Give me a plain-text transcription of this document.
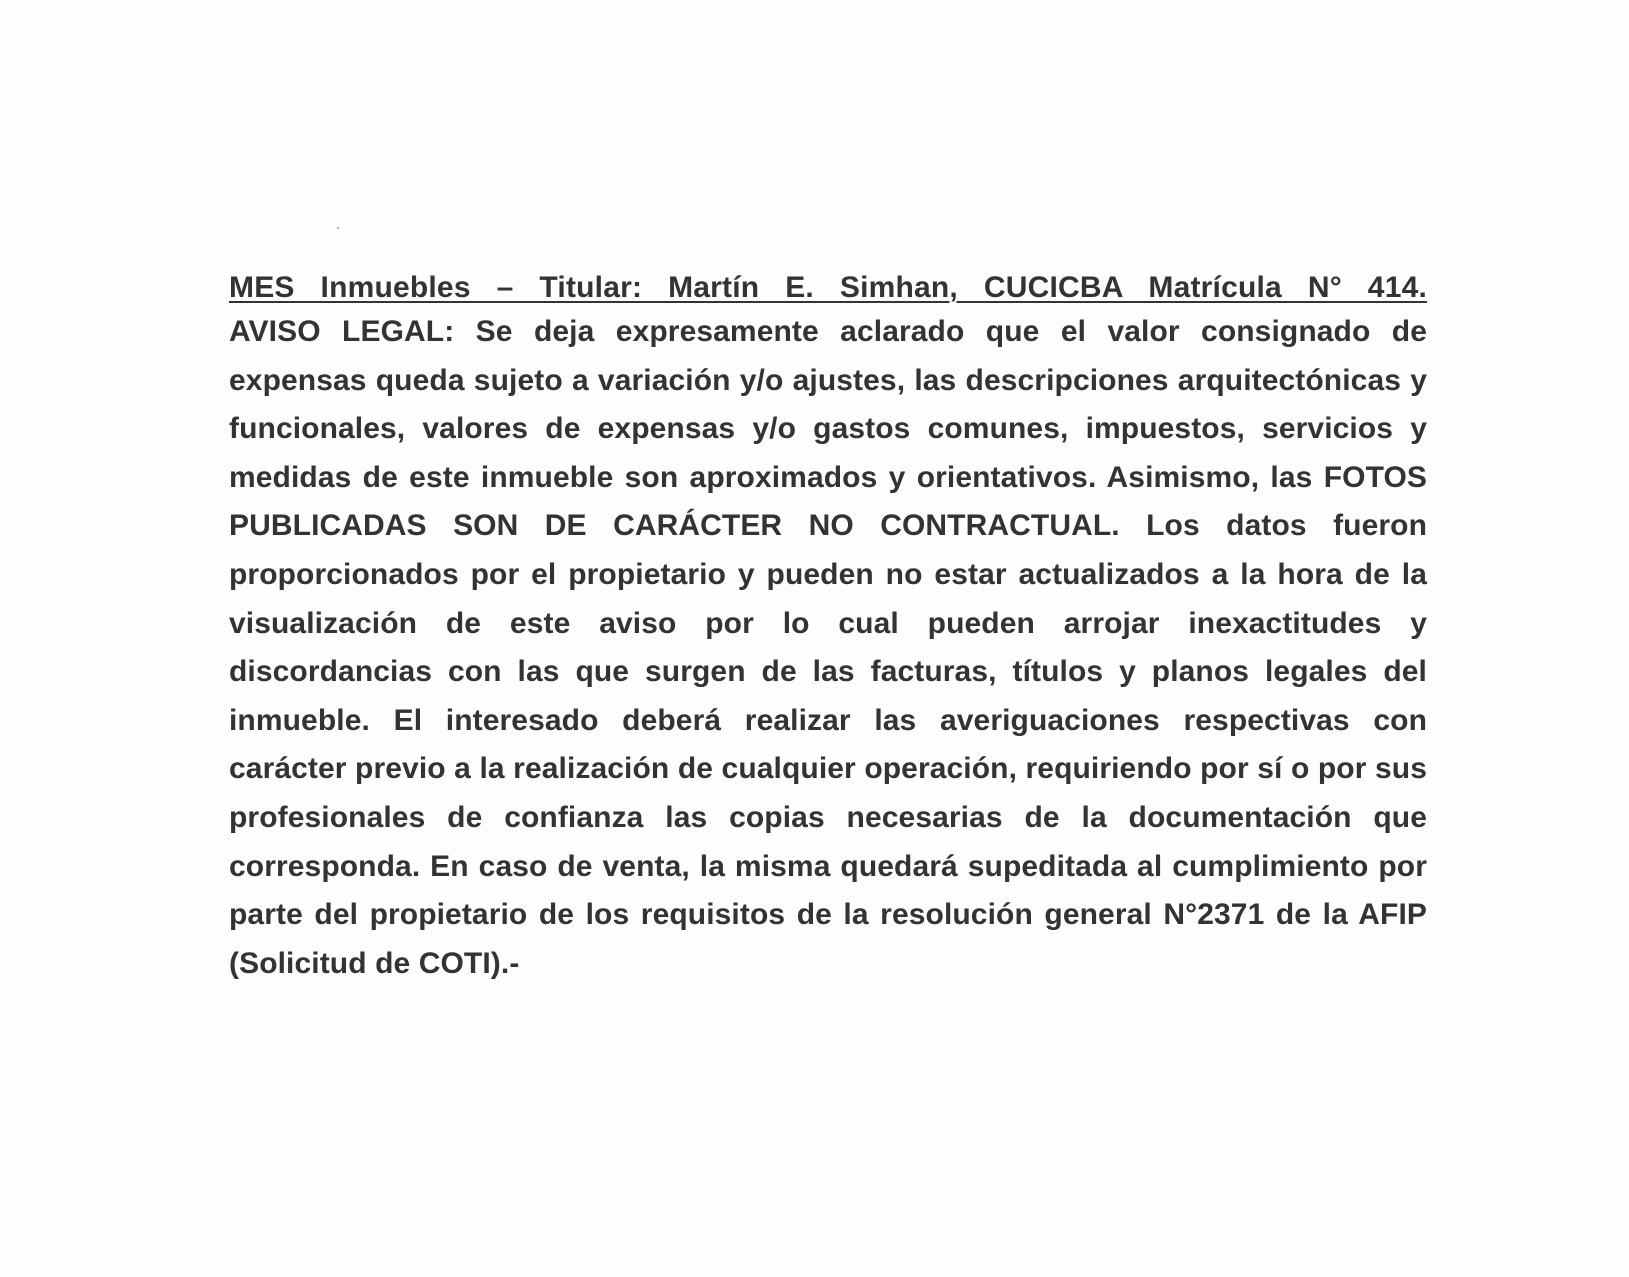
MES Inmuebles – Titular: Martín E. Simhan, CUCICBA Matrícula N° 414.

AVISO LEGAL: Se deja expresamente aclarado que el valor consignado de expensas queda sujeto a variación y/o ajustes, las descripciones arquitectónicas y funcionales, valores de expensas y/o gastos comunes, impuestos, servicios y medidas de este inmueble son aproximados y orientativos. Asimismo, las FOTOS PUBLICADAS SON DE CARÁCTER NO CONTRACTUAL. Los datos fueron proporcionados por el propietario y pueden no estar actualizados a la hora de la visualización de este aviso por lo cual pueden arrojar inexactitudes y discordancias con las que surgen de las facturas, títulos y planos legales del inmueble. El interesado deberá realizar las averiguaciones respectivas con carácter previo a la realización de cualquier operación, requiriendo por sí o por sus profesionales de confianza las copias necesarias de la documentación que corresponda. En caso de venta, la misma quedará supeditada al cumplimiento por parte del propietario de los requisitos de la resolución general N°2371 de la AFIP (Solicitud de COTI).-
